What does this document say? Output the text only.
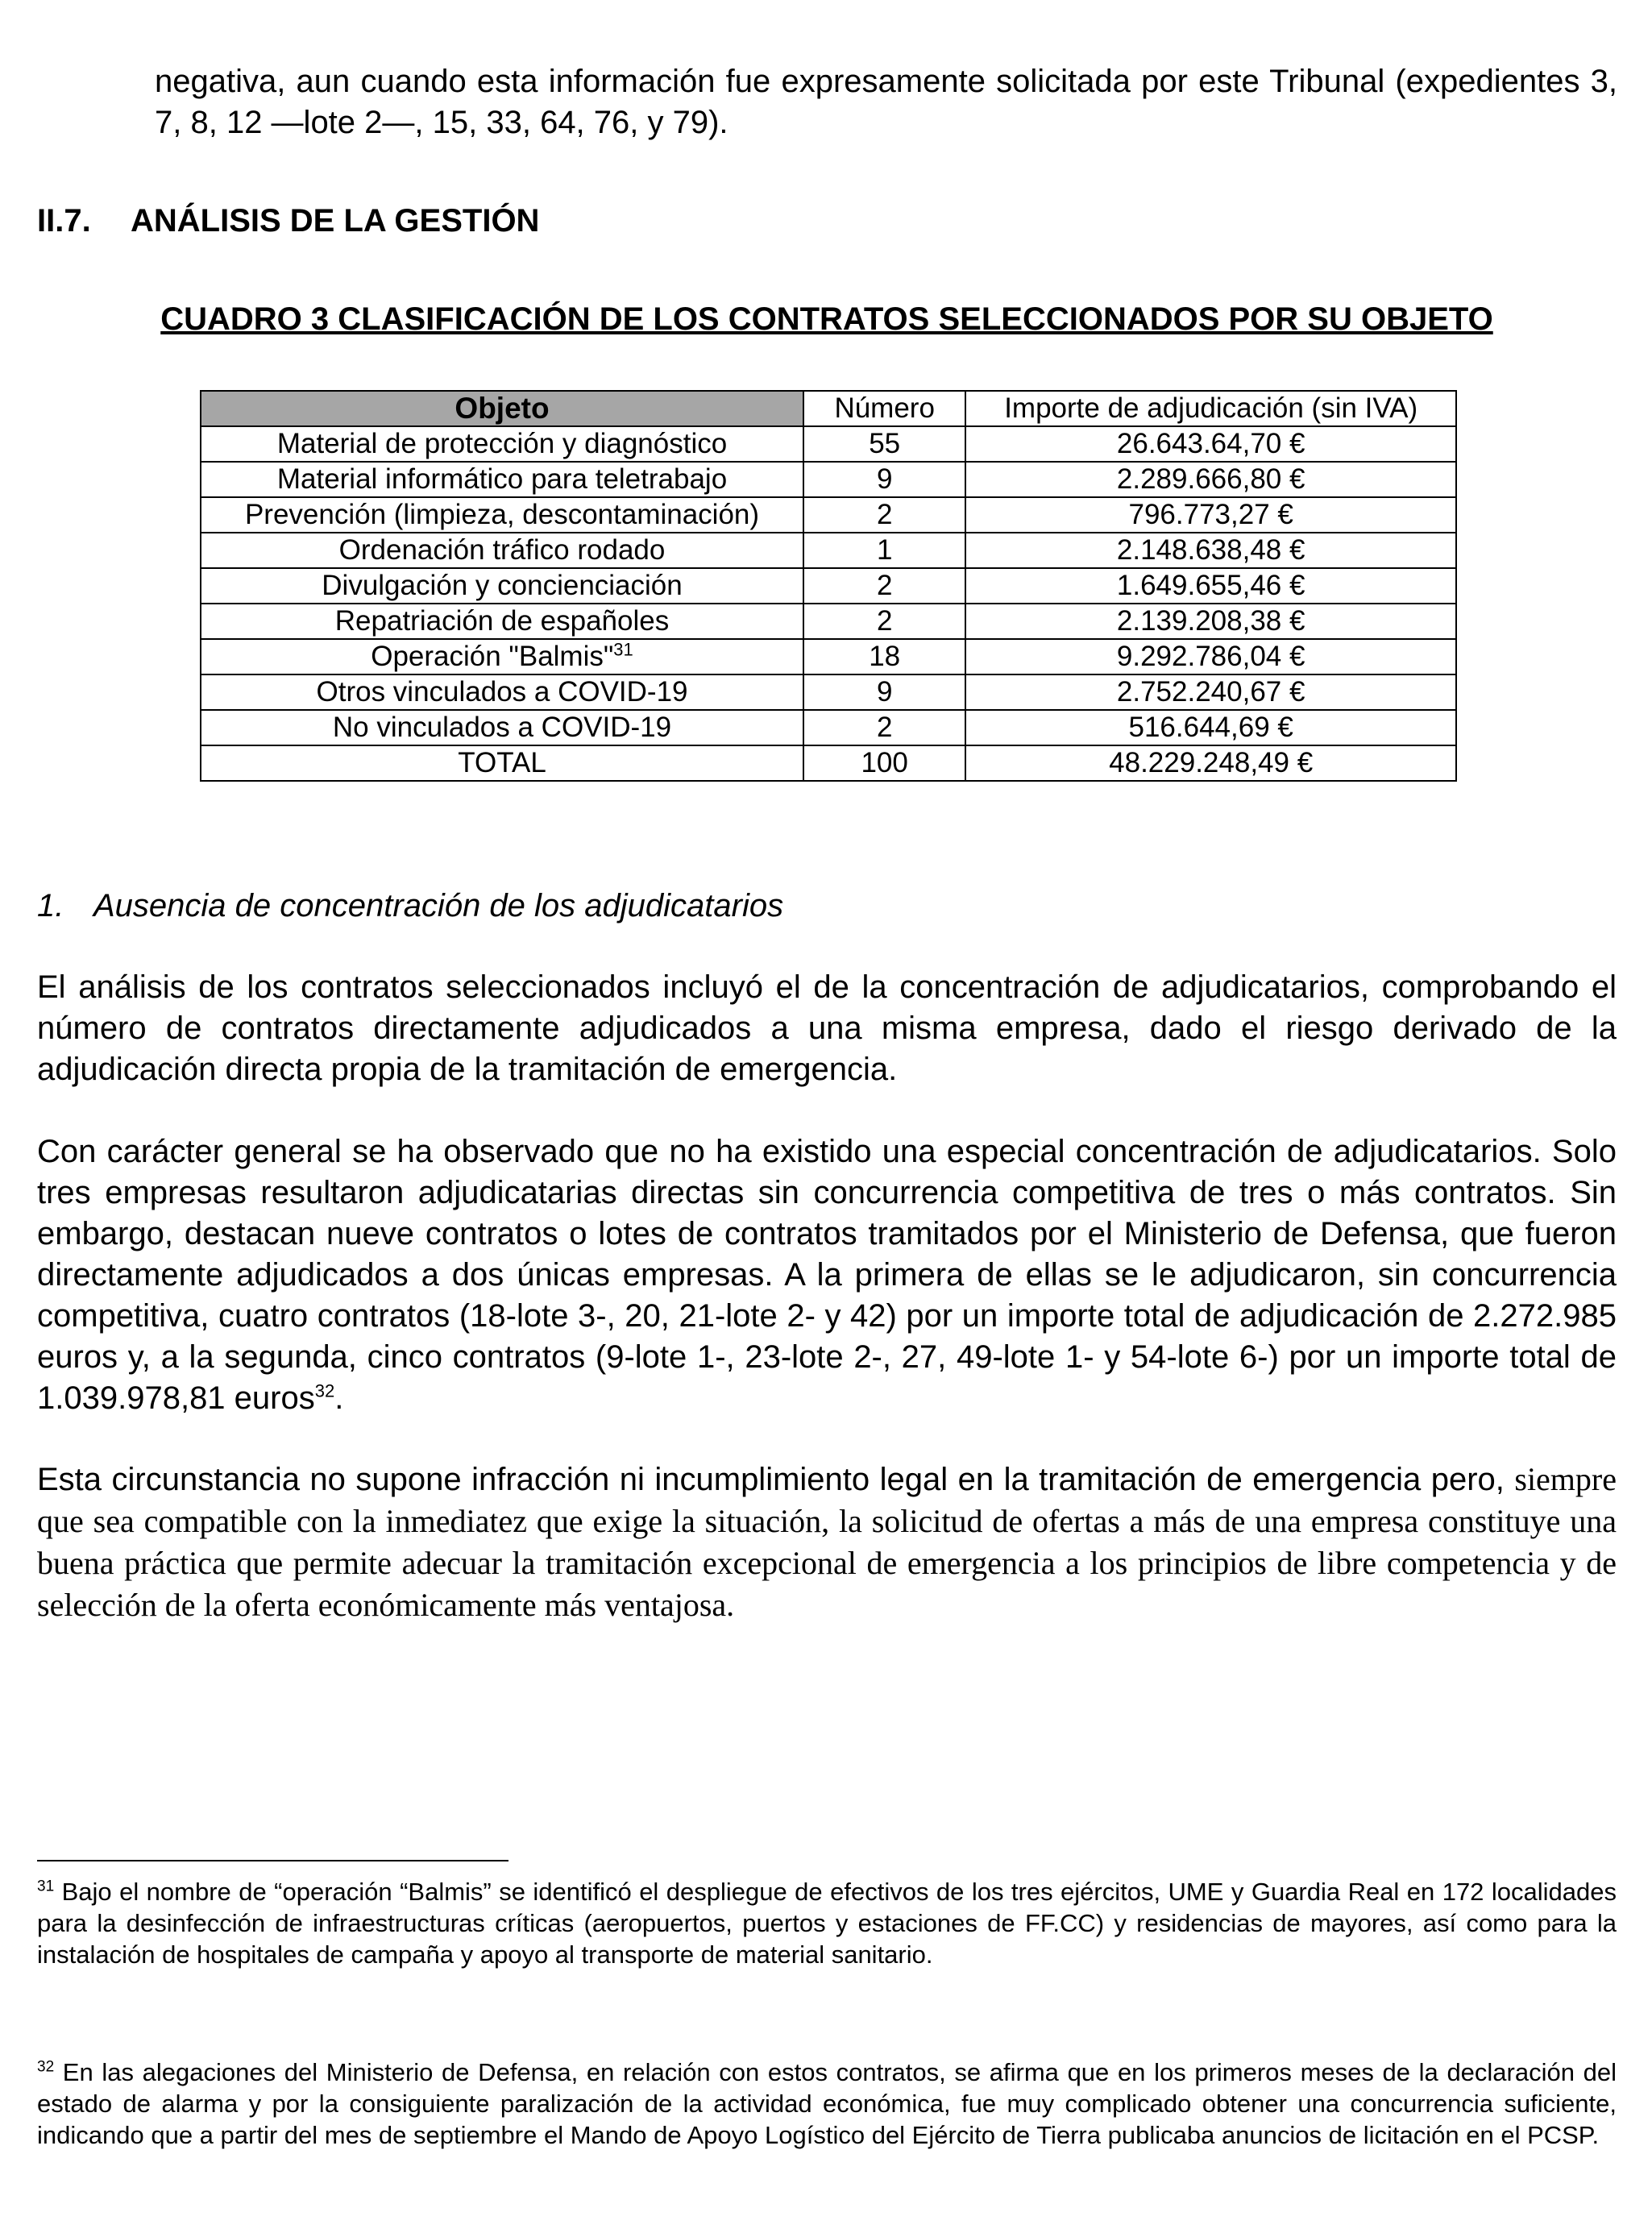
negativa, aun cuando esta información fue expresamente solicitada por este Tribunal (expedientes 3, 7, 8, 12 —lote 2—, 15, 33, 64, 76, y 79).
II.7. ANÁLISIS DE LA GESTIÓN
CUADRO 3 CLASIFICACIÓN DE LOS CONTRATOS SELECCIONADOS POR SU OBJETO
Objeto	Número	Importe de adjudicación (sin IVA)
Material de protección y diagnóstico	55	26.643.64,70 €
Material informático para teletrabajo	9	2.289.666,80 €
Prevención (limpieza, descontaminación)	2	796.773,27 €
Ordenación tráfico rodado	1	2.148.638,48 €
Divulgación y concienciación	2	1.649.655,46 €
Repatriación de españoles	2	2.139.208,38 €
Operación "Balmis"$^{31}$	18	9.292.786,04 €
Otros vinculados a COVID-19	9	2.752.240,67 €
No vinculados a COVID-19	2	516.644,69 €
TOTAL	100	48.229.248,49 €
1. Ausencia de concentración de los adjudicatarios
El análisis de los contratos seleccionados incluyó el de la concentración de adjudicatarios, comprobando el número de contratos directamente adjudicados a una misma empresa, dado el riesgo derivado de la adjudicación directa propia de la tramitación de emergencia.
Con carácter general se ha observado que no ha existido una especial concentración de adjudicatarios. Solo tres empresas resultaron adjudicatarias directas sin concurrencia competitiva de tres o más contratos. Sin embargo, destacan nueve contratos o lotes de contratos tramitados por el Ministerio de Defensa, que fueron directamente adjudicados a dos únicas empresas. A la primera de ellas se le adjudicaron, sin concurrencia competitiva, cuatro contratos (18-lote 3-, 20, 21-lote 2- y 42) por un importe total de adjudicación de 2.272.985 euros y, a la segunda, cinco contratos (9-lote 1-, 23-lote 2-, 27, 49-lote 1- y 54-lote 6-) por un importe total de 1.039.978,81 euros$^{32}$.
Esta circunstancia no supone infracción ni incumplimiento legal en la tramitación de emergencia pero, siempre que sea compatible con la inmediatez que exige la situación, la solicitud de ofertas a más de una empresa constituye una buena práctica que permite adecuar la tramitación excepcional de emergencia a los principios de libre competencia y de selección de la oferta económicamente más ventajosa.
$^{31}$ Bajo el nombre de “operación “Balmis” se identificó el despliegue de efectivos de los tres ejércitos, UME y Guardia Real en 172 localidades para la desinfección de infraestructuras críticas (aeropuertos, puertos y estaciones de FF.CC) y residencias de mayores, así como para la instalación de hospitales de campaña y apoyo al transporte de material sanitario.
$^{32}$ En las alegaciones del Ministerio de Defensa, en relación con estos contratos, se afirma que en los primeros meses de la declaración del estado de alarma y por la consiguiente paralización de la actividad económica, fue muy complicado obtener una concurrencia suficiente, indicando que a partir del mes de septiembre el Mando de Apoyo Logístico del Ejército de Tierra publicaba anuncios de licitación en el PCSP.
